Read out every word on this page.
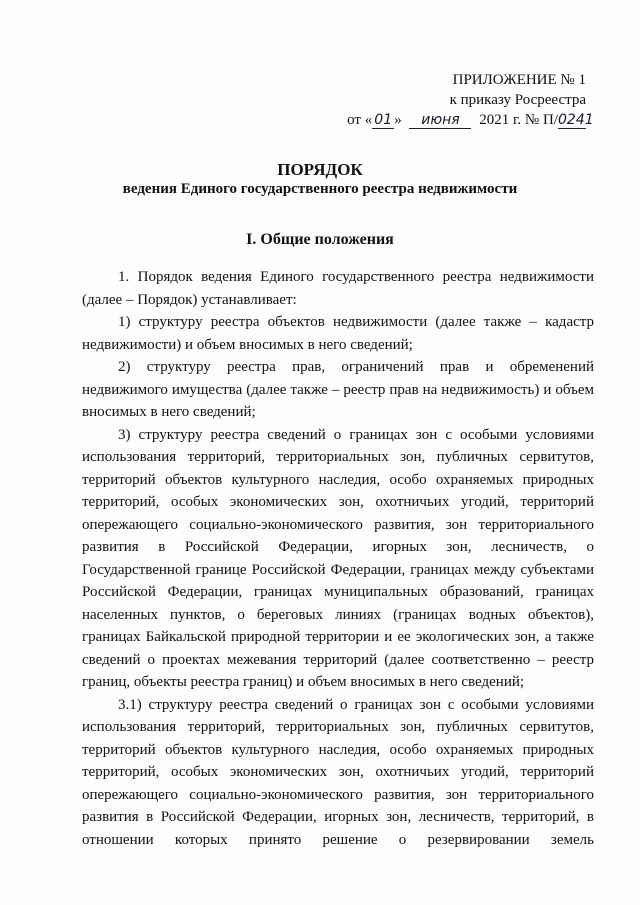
ПРИЛОЖЕНИЕ № 1
к приказу Росреестра
от « 01 » июня 2021 г. № П/0241
ПОРЯДОК
ведения Единого государственного реестра недвижимости
I. Общие положения

1. Порядок ведения Единого государственного реестра недвижимости (далее – Порядок) устанавливает:

1) структуру реестра объектов недвижимости (далее также – кадастр недвижимости) и объем вносимых в него сведений;

2) структуру реестра прав, ограничений прав и обременений недвижимого имущества (далее также – реестр прав на недвижимость) и объем вносимых в него сведений;

3) структуру реестра сведений о границах зон с особыми условиями использования территорий, территориальных зон, публичных сервитутов, территорий объектов культурного наследия, особо охраняемых природных территорий, особых экономических зон, охотничьих угодий, территорий опережающего социально-экономического развития, зон территориального развития в Российской Федерации, игорных зон, лесничеств, о Государственной границе Российской Федерации, границах между субъектами Российской Федерации, границах муниципальных образований, границах населенных пунктов, о береговых линиях (границах водных объектов), границах Байкальской природной территории и ее экологических зон, а также сведений о проектах межевания территорий (далее соответственно – реестр границ, объекты реестра границ) и объем вносимых в него сведений;

3.1) структуру реестра сведений о границах зон с особыми условиями использования территорий, территориальных зон, публичных сервитутов, территорий объектов культурного наследия, особо охраняемых природных территорий, особых экономических зон, охотничьих угодий, территорий опережающего социально-экономического развития, зон территориального развития в Российской Федерации, игорных зон, лесничеств, территорий, в отношении которых принято решение о резервировании земель
